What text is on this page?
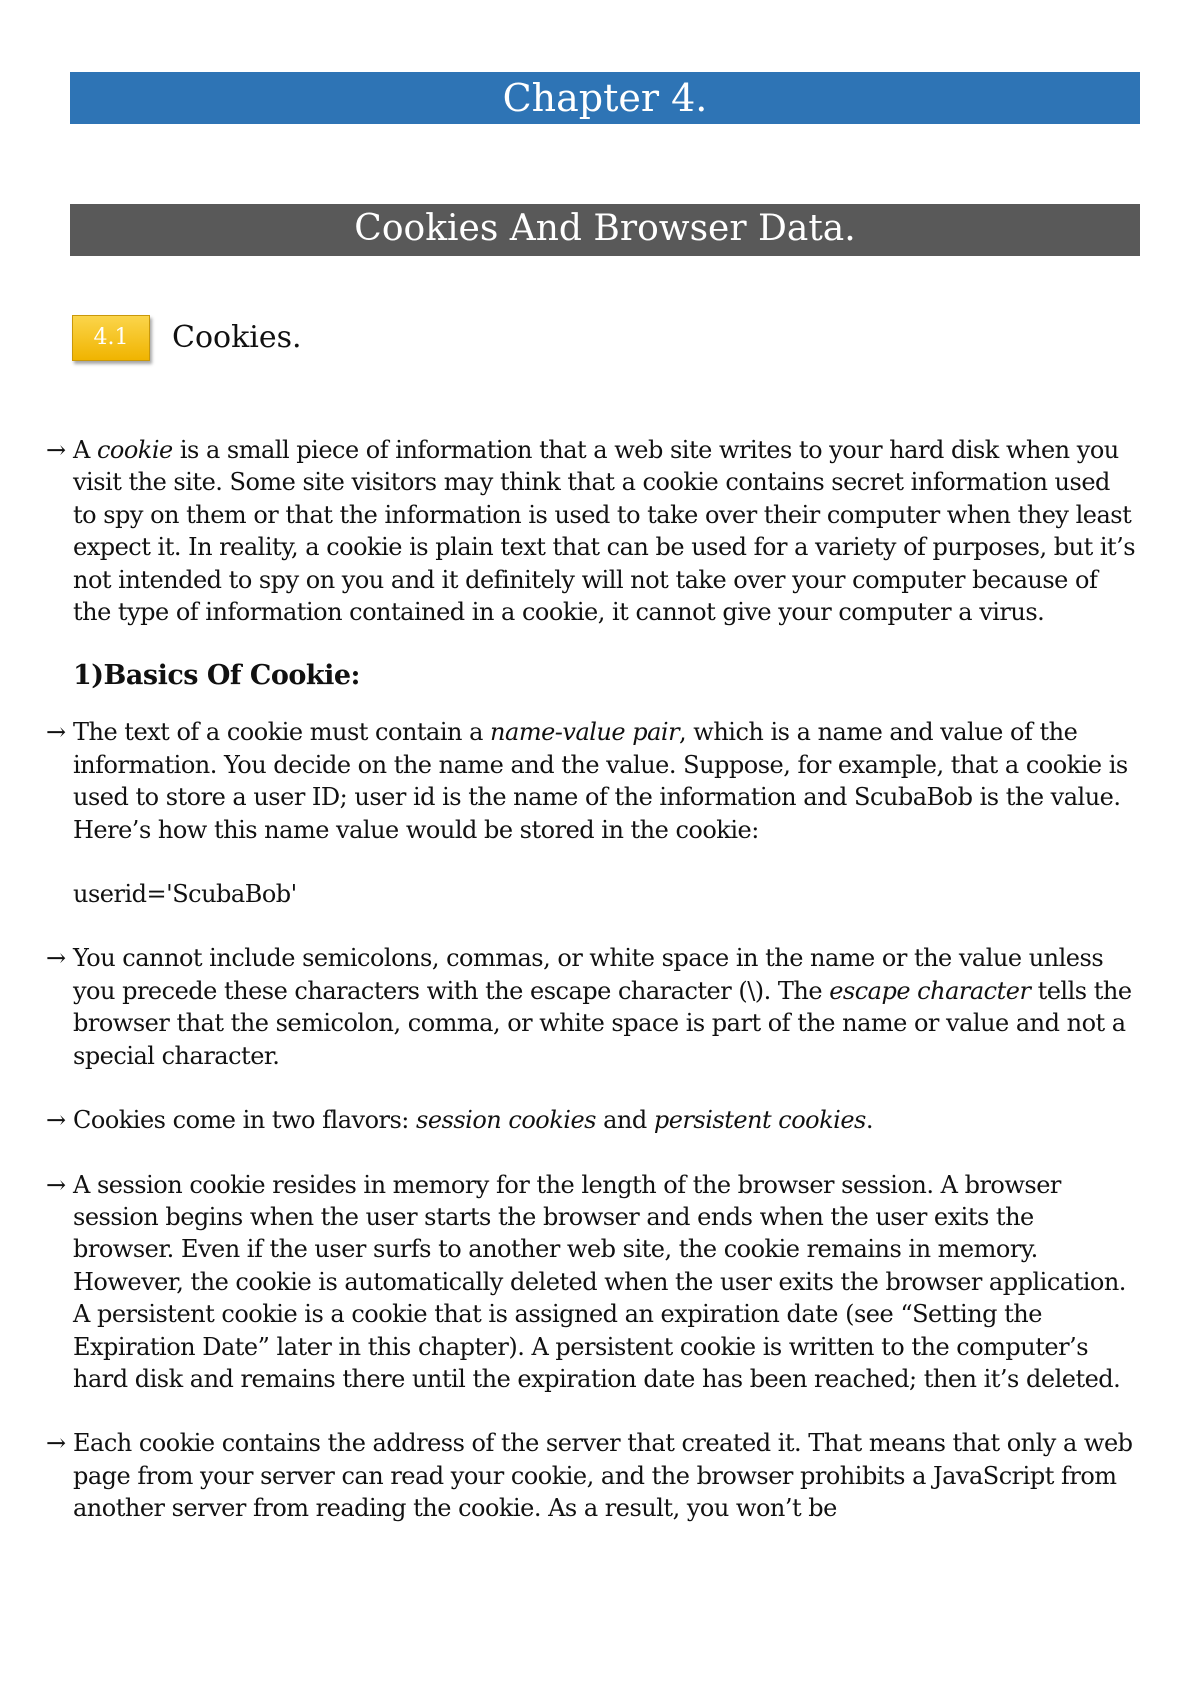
Chapter 4.
Cookies And Browser Data.
4.1	Cookies.
→ A cookie is a small piece of information that a web site writes to your hard disk when you visit the site. Some site visitors may think that a cookie contains secret information used to spy on them or that the information is used to take over their computer when they least expect it. In reality, a cookie is plain text that can be used for a variety of purposes, but it’s not intended to spy on you and it definitely will not take over your computer because of the type of information contained in a cookie, it cannot give your computer a virus.

1)Basics Of Cookie:
→ The text of a cookie must contain a name-value pair, which is a name and value of the information. You decide on the name and the value. Suppose, for example, that a cookie is used to store a user ID; user id is the name of the information and ScubaBob is the value.

Here’s how this name value would be stored in the cookie:

userid='ScubaBob'

→ You cannot include semicolons, commas, or white space in the name or the value unless you precede these characters with the escape character (\). The escape character tells the browser that the semicolon, comma, or white space is part of the name or value and not a special character.

→ Cookies come in two flavors: session cookies and persistent cookies.

→ A session cookie resides in memory for the length of the browser session. A browser session begins when the user starts the browser and ends when the user exits the browser. Even if the user surfs to another web site, the cookie remains in memory. However, the cookie is automatically deleted when the user exits the browser application. A persistent cookie is a cookie that is assigned an expiration date (see “Setting the Expiration Date” later in this chapter). A persistent cookie is written to the computer’s hard disk and remains there until the expiration date has been reached; then it’s deleted.

→ Each cookie contains the address of the server that created it. That means that only a web page from your server can read your cookie, and the browser prohibits a JavaScript from another server from reading the cookie. As a result, you won’t be
